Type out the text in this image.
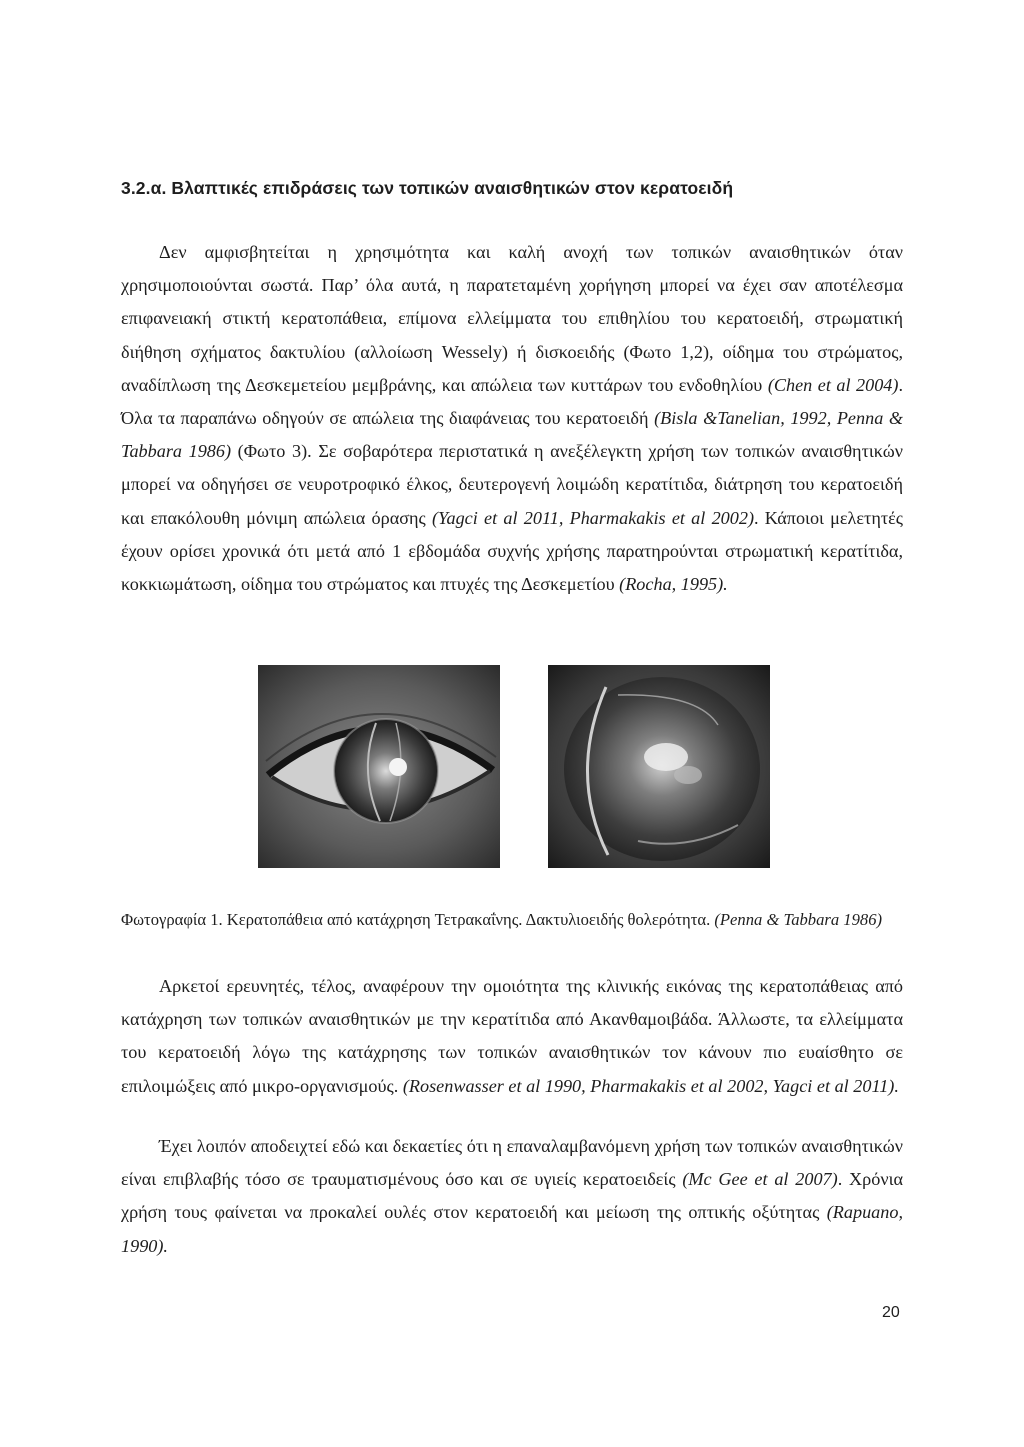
3.2.α. Βλαπτικές επιδράσεις των τοπικών αναισθητικών στον κερατοειδή

Δεν αμφισβητείται η χρησιμότητα και καλή ανοχή των τοπικών αναισθητικών όταν χρησιμοποιούνται σωστά. Παρ’ όλα αυτά, η παρατεταμένη χορήγηση μπορεί να έχει σαν αποτέλεσμα επιφανειακή στικτή κερατοπάθεια, επίμονα ελλείμματα του επιθηλίου του κερατοειδή, στρωματική διήθηση σχήματος δακτυλίου (αλλοίωση Wessely) ή δισκοειδής (Φωτο 1,2), οίδημα του στρώματος, αναδίπλωση της Δεσκεμετείου μεμβράνης, και απώλεια των κυττάρων του ενδοθηλίου (Chen et al 2004). Όλα τα παραπάνω οδηγούν σε απώλεια της διαφάνειας του κερατοειδή (Bisla &Tanelian, 1992, Penna & Tabbara 1986) (Φωτο 3). Σε σοβαρότερα περιστατικά η ανεξέλεγκτη χρήση των τοπικών αναισθητικών μπορεί να οδηγήσει σε νευροτροφικό έλκος, δευτερογενή λοιμώδη κερατίτιδα, διάτρηση του κερατοειδή και επακόλουθη μόνιμη απώλεια όρασης (Yagci et al 2011, Pharmakakis et al 2002). Κάποιοι μελετητές έχουν ορίσει χρονικά ότι μετά από 1 εβδομάδα συχνής χρήσης παρατηρούνται στρωματική κερατίτιδα, κοκκιωμάτωση, οίδημα του στρώματος και πτυχές της Δεσκεμετίου (Rocha, 1995).

Φωτογραφία 1. Κερατοπάθεια από κατάχρηση Τετρακαΐνης. Δακτυλιοειδής θολερότητα. (Penna & Tabbara 1986)

Αρκετοί ερευνητές, τέλος, αναφέρουν την ομοιότητα της κλινικής εικόνας της κερατοπάθειας από κατάχρηση των τοπικών αναισθητικών με την κερατίτιδα από Ακανθαμοιβάδα. Άλλωστε, τα ελλείμματα του κερατοειδή λόγω της κατάχρησης των τοπικών αναισθητικών τον κάνουν πιο ευαίσθητο σε επιλοιμώξεις από μικρο-οργανισμούς. (Rosenwasser et al 1990, Pharmakakis et al 2002, Yagci et al 2011).

Έχει λοιπόν αποδειχτεί εδώ και δεκαετίες ότι η επαναλαμβανόμενη χρήση των τοπικών αναισθητικών είναι επιβλαβής τόσο σε τραυματισμένους όσο και σε υγιείς κερατοειδείς (Mc Gee et al 2007). Χρόνια χρήση τους φαίνεται να προκαλεί ουλές στον κερατοειδή και μείωση της οπτικής οξύτητας (Rapuano, 1990).

20
